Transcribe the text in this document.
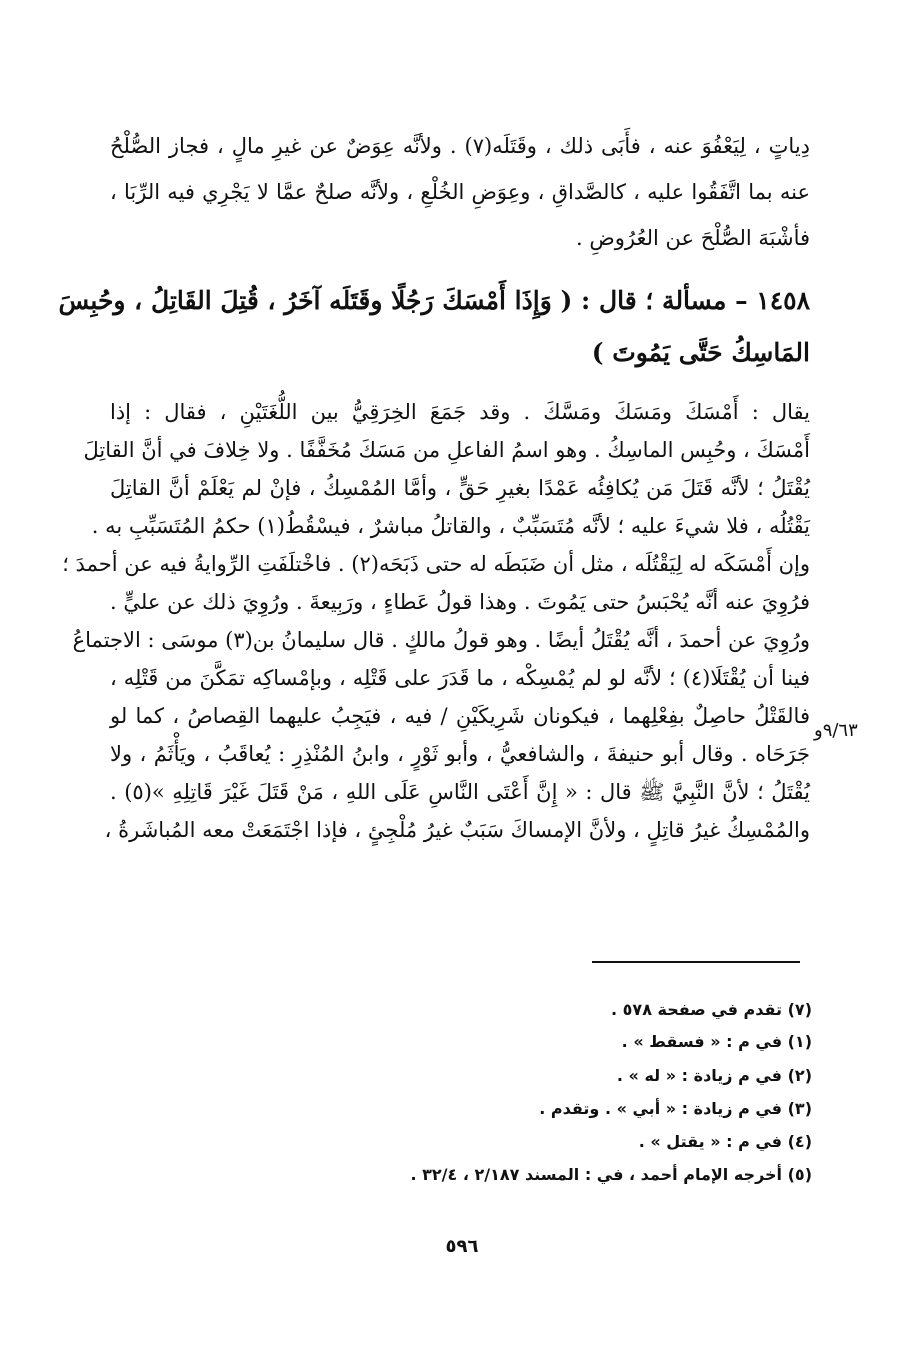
دِياتٍ ، لِيَعْفُوَ عنه ، فأَبَى ذلك ، وقَتَلَه(٧) . ولأنَّه عِوَضٌ عن غيرِ مالٍ ، فجاز الصُّلْحُ
عنه بما اتَّفَقُوا عليه ، كالصَّداقِ ، وعِوَضِ الخُلْعِ ، ولأنَّه صلحٌ عمَّا لا يَجْرِي فيه الرِّبَا ،
فأشْبَهَ الصُّلْحَ عن العُرُوضِ .
١٤٥٨ – مسألة ؛ قال : ( وَإِذَا أَمْسَكَ رَجُلًا وقَتَلَه آخَرُ ، قُتِلَ القَاتِلُ ، وحُبِسَ
المَاسِكُ حَتَّى يَمُوتَ )
يقال : أَمْسَكَ ومَسَكَ ومَسَّكَ . وقد جَمَعَ الخِرَقِيُّ بين اللُّغَتَيْنِ ، فقال : إذا
أَمْسَكَ ، وحُبِس الماسِكُ . وهو اسمُ الفاعلِ من مَسَكَ مُخَفَّفًا . ولا خِلافَ في أنَّ القاتِلَ
يُقْتَلُ ؛ لأنَّه قَتَلَ مَن يُكافِئُه عَمْدًا بغيرِ حَقٍّ ، وأمَّا المُمْسِكُ ، فإنْ لم يَعْلَمْ أنَّ القاتِلَ
يَقْتُلُه ، فلا شيءَ عليه ؛ لأنَّه مُتَسَبِّبٌ ، والقاتلُ مباشرٌ ، فيسْقُطُ(١) حكمُ المُتَسَبِّبِ به .
وإن أَمْسَكَه له لِيَقْتُلَه ، مثل أن ضَبَطَه له حتى ذَبَحَه(٢) . فاخْتلَفَتِ الرِّوايةُ فيه عن أحمدَ ؛
فرُوِيَ عنه أنَّه يُحْبَسُ حتى يَمُوتَ . وهذا قولُ عَطاءٍ ، ورَبِيعةَ . ورُوِيَ ذلك عن عليٍّ .
ورُوِيَ عن أحمدَ ، أنَّه يُقْتَلُ أيضًا . وهو قولُ مالكٍ . قال سليمانُ بن(٣) موسَى : الاجتماعُ
فينا أن يُقْتَلَا(٤) ؛ لأنَّه لو لم يُمْسِكْه ، ما قَدَرَ على قَتْلِه ، وبإمْساكِه تمَكَّنَ من قَتْلِه ،
فالقَتْلُ حاصِلٌ بفِعْلِهما ، فيكونان شَرِيكَيْنِ / فيه ، فيَجِبُ عليهما القِصاصُ ، كما لو
جَرَحَاه . وقال أبو حنيفةَ ، والشافعيُّ ، وأبو ثَوْرٍ ، وابنُ المُنْذِرِ : يُعاقَبُ ، ويَأْثَمُ ، ولا
يُقْتَلُ ؛ لأنَّ النَّبِيَّ ﷺ قال : « إِنَّ أَعْتَى النَّاسِ عَلَى اللهِ ، مَنْ قَتَلَ غَيْرَ قَاتِلِهِ »(٥) .
والمُمْسِكُ غيرُ قاتِلٍ ، ولأنَّ الإمساكَ سَبَبٌ غيرُ مُلْجِئٍ ، فإذا اجْتَمَعَتْ معه المُباشَرةُ ،
٩/٦٣و
(٧) تقدم في صفحة ٥٧٨ .
(١) في م : « فسقط » .
(٢) في م زيادة : « له » .
(٣) في م زيادة : « أبي » . وتقدم .
(٤) في م : « يقتل » .
(٥) أخرجه الإمام أحمد ، في : المسند ٢/١٨٧ ، ٣٢/٤ .
٥٩٦
